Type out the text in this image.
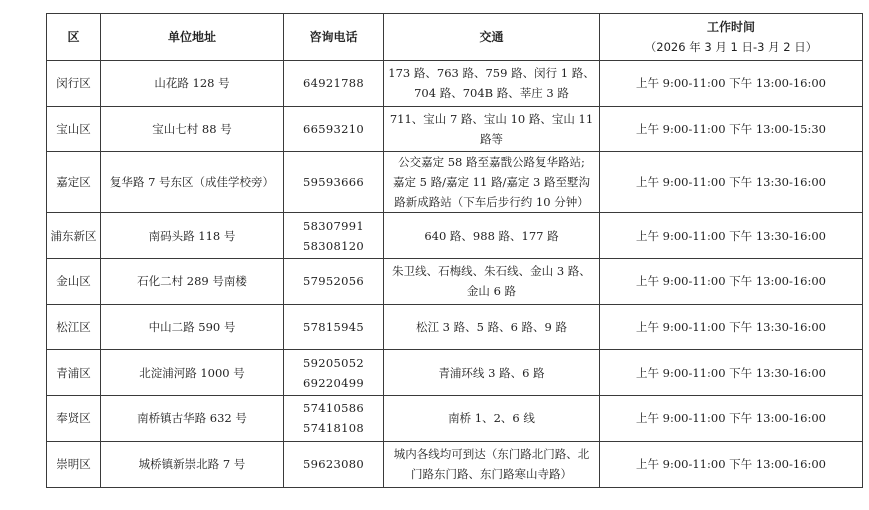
区	单位地址	咨询电话	交通	工作时间
（2026 年 3 月 1 日-3 月 2 日）

闵行区	山花路 128 号	64921788	173 路、763 路、759 路、闵行 1 路、
704 路、704B 路、莘庄 3 路	上午 9:00-11:00 下午 13:00-16:00
宝山区	宝山七村 88 号	66593210	711、宝山 7 路、宝山 10 路、宝山 11
路等	上午 9:00-11:00 下午 13:00-15:30
嘉定区	复华路 7 号东区（成佳学校旁）	59593666	公交嘉定 58 路至嘉戬公路复华路站;
嘉定 5 路/嘉定 11 路/嘉定 3 路至墅沟
路新成路站（下车后步行约 10 分钟）	上午 9:00-11:00 下午 13:30-16:00
浦东新区	南码头路 118 号	58307991
58308120	640 路、988 路、177 路	上午 9:00-11:00 下午 13:30-16:00
金山区	石化二村 289 号南楼	57952056	朱卫线、石梅线、朱石线、金山 3 路、
金山 6 路	上午 9:00-11:00 下午 13:00-16:00
松江区	中山二路 590 号	57815945	松江 3 路、5 路、6 路、9 路	上午 9:00-11:00 下午 13:30-16:00
青浦区	北淀浦河路 1000 号	59205052
69220499	青浦环线 3 路、6 路	上午 9:00-11:00 下午 13:30-16:00
奉贤区	南桥镇古华路 632 号	57410586
57418108	南桥 1、2、6 线	上午 9:00-11:00 下午 13:00-16:00
崇明区	城桥镇新崇北路 7 号	59623080	城内各线均可到达（东门路北门路、北
门路东门路、东门路寒山寺路）	上午 9:00-11:00 下午 13:00-16:00
